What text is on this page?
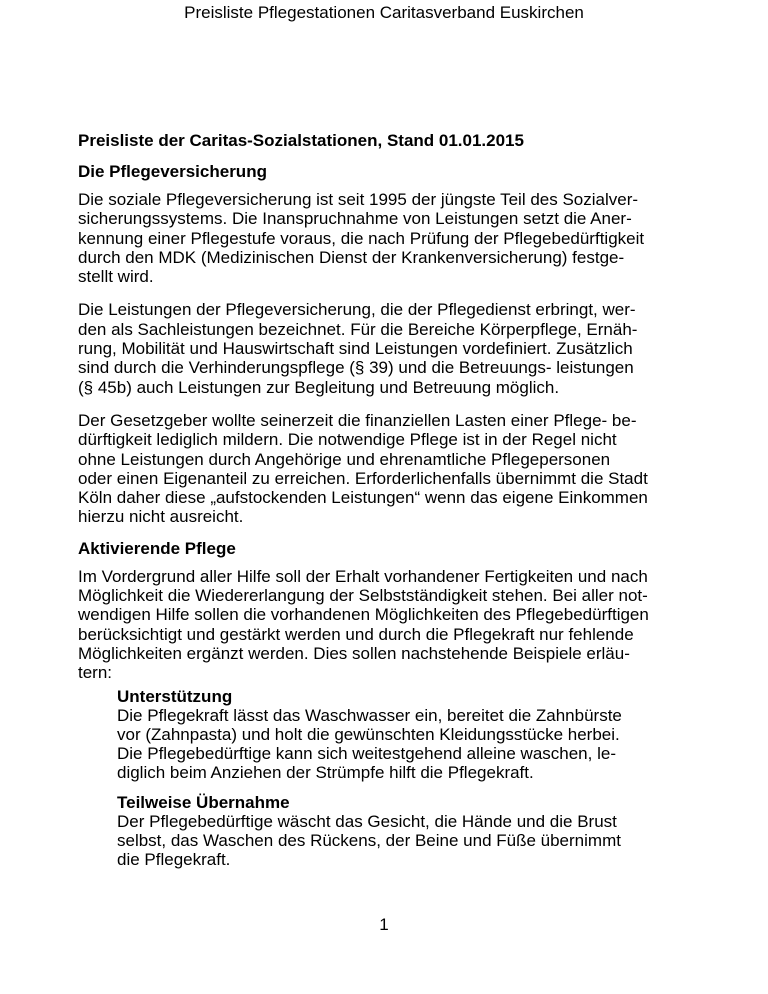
Preisliste Pflegestationen Caritasverband Euskirchen
Preisliste der Caritas-Sozialstationen, Stand 01.01.2015
Die Pflegeversicherung

Die soziale Pflegeversicherung ist seit 1995 der jüngste Teil des Sozialver-
sicherungssystems. Die Inanspruchnahme von Leistungen setzt die Aner-
kennung einer Pflegestufe voraus, die nach Prüfung der Pflegebedürftigkeit
durch den MDK (Medizinischen Dienst der Krankenversicherung) festge-
stellt wird.

Die Leistungen der Pflegeversicherung, die der Pflegedienst erbringt, wer-
den als Sachleistungen bezeichnet. Für die Bereiche Körperpflege, Ernäh-
rung, Mobilität und Hauswirtschaft sind Leistungen vordefiniert. Zusätzlich
sind durch die Verhinderungspflege (§ 39) und die Betreuungs- leistungen
(§ 45b) auch Leistungen zur Begleitung und Betreuung möglich.

Der Gesetzgeber wollte seinerzeit die finanziellen Lasten einer Pflege- be-
dürftigkeit lediglich mildern. Die notwendige Pflege ist in der Regel nicht
ohne Leistungen durch Angehörige und ehrenamtliche Pflegepersonen
oder einen Eigenanteil zu erreichen. Erforderlichenfalls übernimmt die Stadt
Köln daher diese „aufstockenden Leistungen“ wenn das eigene Einkommen
hierzu nicht ausreicht.

Aktivierende Pflege

Im Vordergrund aller Hilfe soll der Erhalt vorhandener Fertigkeiten und nach
Möglichkeit die Wiedererlangung der Selbstständigkeit stehen. Bei aller not-
wendigen Hilfe sollen die vorhandenen Möglichkeiten des Pflegebedürftigen
berücksichtigt und gestärkt werden und durch die Pflegekraft nur fehlende
Möglichkeiten ergänzt werden. Dies sollen nachstehende Beispiele erläu-
tern:

Unterstützung

Die Pflegekraft lässt das Waschwasser ein, bereitet die Zahnbürste
vor (Zahnpasta) und holt die gewünschten Kleidungsstücke herbei.
Die Pflegebedürftige kann sich weitestgehend alleine waschen, le-
diglich beim Anziehen der Strümpfe hilft die Pflegekraft.

Teilweise Übernahme

Der Pflegebedürftige wäscht das Gesicht, die Hände und die Brust
selbst, das Waschen des Rückens, der Beine und Füße übernimmt
die Pflegekraft.

1
